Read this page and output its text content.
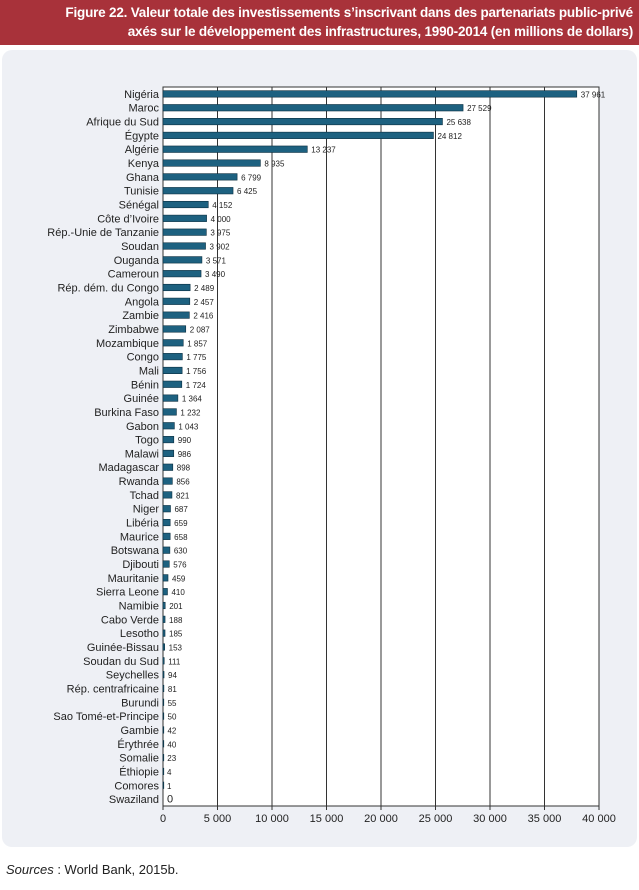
Figure 22. Valeur totale des investissements s’inscrivant dans des partenariats public-privé
axés sur le développement des infrastructures, 1990-2014 (en millions de dollars)
0	5 000 10 000 15 000 20 000 25 000 30 000 35 000 40 000
Nigéria	37 961
Maroc	27 529
Afrique du Sud	25 638
Égypte	24 812
Algérie	13 237
Kenya	8 935
Ghana	6 799
Tunisie	6 425
Sénégal	4 152
Côte d’Ivoire	4 000
Rép.-Unie de Tanzanie	3 975
Soudan	3 902
Ouganda	3 571
Cameroun	3 490
Rép. dém. du Congo	2 489
Angola	2 457
Zambie	2 416
Zimbabwe	2 087
Mozambique	1 857
Congo	1 775
Mali	1 756
Bénin	1 724
Guinée	1 364
Burkina Faso	1 232
Gabon 1 043
Togo 990
Malawi 986
Madagascar 898
Rwanda 856
Tchad 821
Niger 687
Libéria 659
Maurice 658
Botswana 630
Djibouti 576
Mauritanie 459
Sierra Leone 410
Namibie 201
Cabo Verde 188
Lesotho 185
Guinée-Bissau 153
Soudan du Sud 111
Seychelles 94
Rép. centrafricaine 81
Burundi 55
Sao Tomé-et-Principe 50
Gambie 42
Érythrée 40
Somalie 23
Éthiopie 4
Comores 1
Swaziland 0
Sources : World Bank, 2015b.
